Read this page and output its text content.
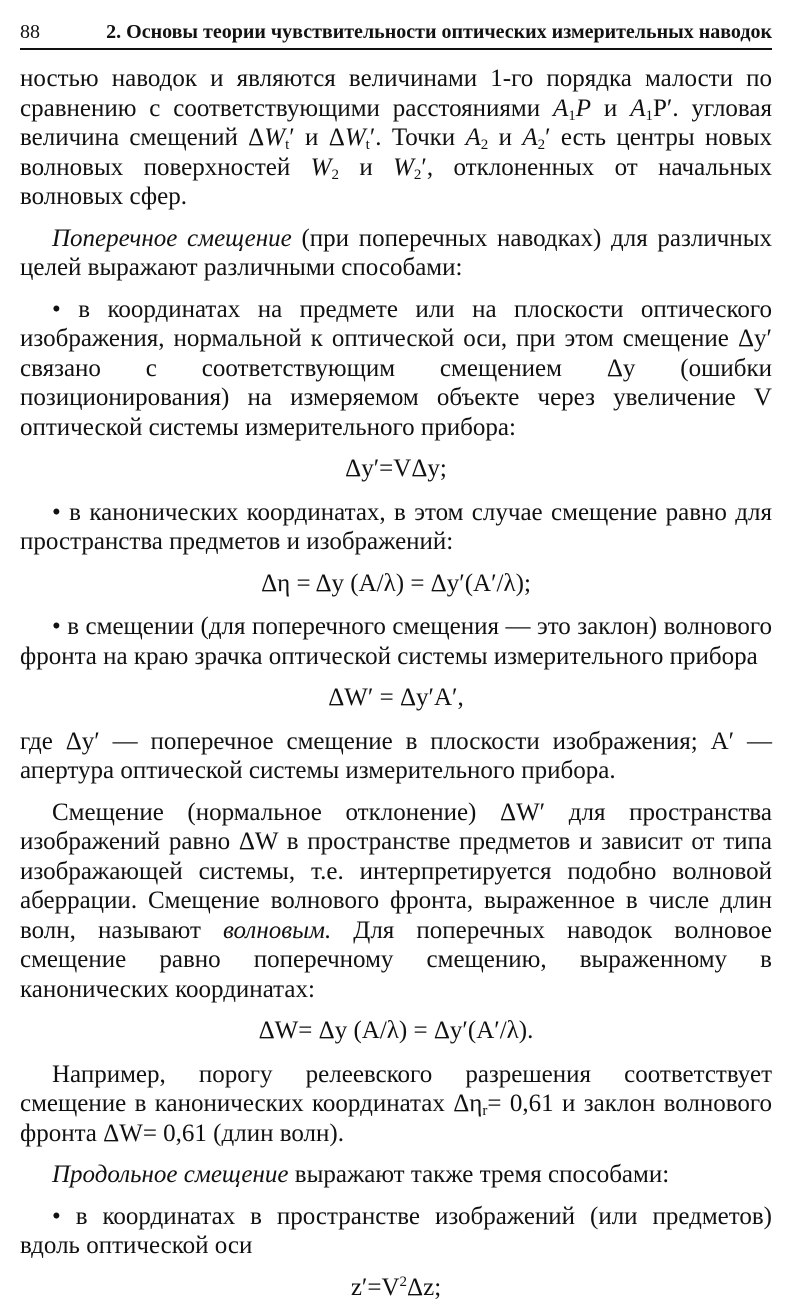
88	2. Основы теории чувствительности оптических измерительных наводок

ностью наводок и являются величинами 1-го порядка малости по сравнению с соответствующими расстояниями $A_1P$ и $A_1P'$. угловая величина смещений $\Delta W_t'$ и $\Delta W_t'$. Точки $A_2$ и $A_2'$ есть центры новых волновых поверхностей $W_2$ и $W_2'$, отклоненных от начальных волновых сфер.

Поперечное смещение (при поперечных наводках) для различных целей выражают различными способами:

• в координатах на предмете или на плоскости оптического изображения, нормальной к оптической оси, при этом смещение Δy′ связано с соответствующим смещением Δy (ошибки позиционирования) на измеряемом объекте через увеличение V оптической системы измерительного прибора:

Δy′=VΔy;

• в канонических координатах, в этом случае смещение равно для пространства предметов и изображений:

Δη = Δy (A/λ) = Δy′(A′/λ);

• в смещении (для поперечного смещения — это заклон) волнового фронта на краю зрачка оптической системы измерительного прибора

ΔW′ = Δy′A′,

где Δy′ — поперечное смещение в плоскости изображения; A′ — апертура оптической системы измерительного прибора.

Смещение (нормальное отклонение) ΔW′ для пространства изображений равно ΔW в пространстве предметов и зависит от типа изображающей системы, т.е. интерпретируется подобно волновой аберрации. Смещение волнового фронта, выраженное в числе длин волн, называют волновым. Для поперечных наводок волновое смещение равно поперечному смещению, выраженному в канонических координатах:

ΔW= Δy (A/λ) = Δy′(A′/λ).

Например, порогу релеевского разрешения соответствует смещение в канонических координатах $\Delta\eta_r= 0,61$ и заклон волнового фронта ΔW= 0,61 (длин волн).

Продольное смещение выражают также тремя способами:

• в координатах в пространстве изображений (или предметов) вдоль оптической оси

$z'=V^2\Delta z$;
